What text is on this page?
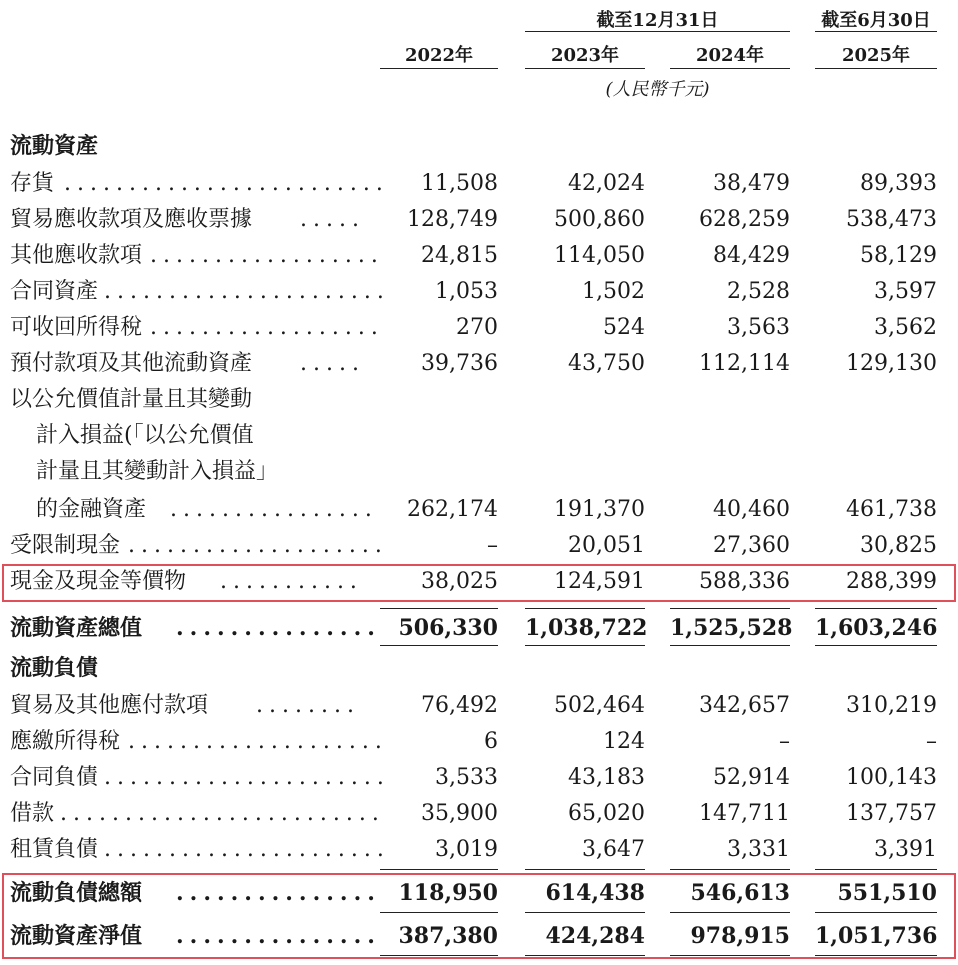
截至12月31日	截至6月30日
2022年	2023年	2024年	2025年
(人民幣千元)
流動資產
存貨 .........................	11,508	42,024	38,479	89,393
貿易應收款項及應收票據 .....	128,749	500,860	628,259	538,473
其他應收款項 ..................	24,815	114,050	84,429	58,129
合同資產 ......................	1,053	1,502	2,528	3,597
可收回所得稅 ..................	270	524	3,563	3,562
預付款項及其他流動資產 .....	39,736	43,750	112,114	129,130
以公允價值計量且其變動
計入損益(「以公允價值
計量且其變動計入損益」
的金融資產 ................	262,174	191,370	40,460	461,738
受限制現金 ....................	–	20,051	27,360	30,825
現金及現金等價物 ...........	38,025	124,591	588,336	288,399
流動資產總值 ............... 506,330 1,038,722 1,525,528 1,603,246
流動負債
貿易及其他應付款項 ........	76,492	502,464	342,657	310,219
應繳所得稅 ....................	6	124	–	–
合同負債 ......................	3,533	43,183	52,914	100,143
借款 .........................	35,900	65,020	147,711	137,757
租賃負債 ......................	3,019	3,647	3,331	3,391
流動負債總額 ............... 118,950	614,438	546,613	551,510
流動資產淨值 ............... 387,380	424,284	978,915 1,051,736
